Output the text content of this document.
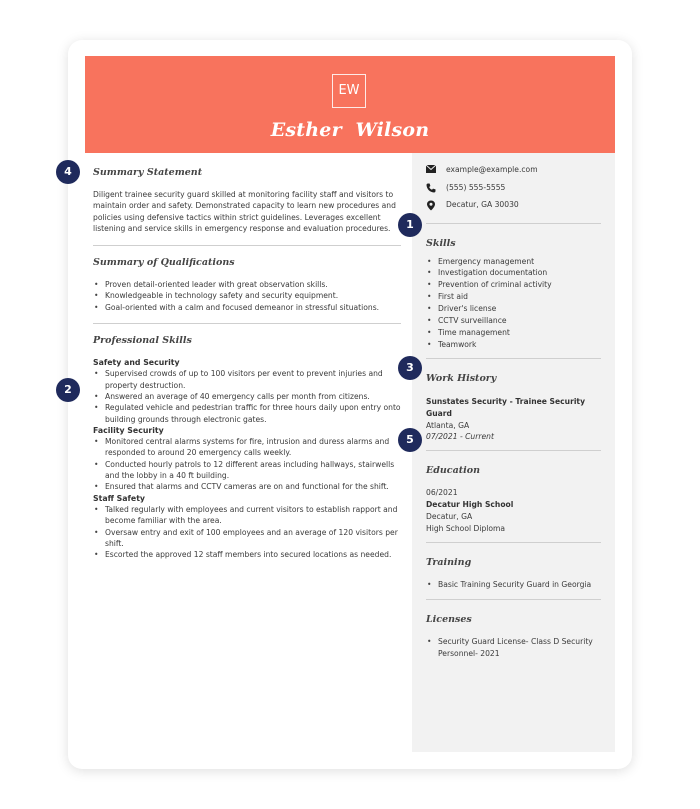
EW
Esther Wilson
example@example.com
(555) 555-5555
Decatur, GA 30030
Skills
• Emergency management
• Investigation documentation
• Prevention of criminal activity
• First aid
• Driver's license
• CCTV surveillance
• Time management
• Teamwork
Work History

Sunstates Security - Trainee Security
Guard

Atlanta, GA

07/2021 - Current

Education

06/2021

Decatur High School

Decatur, GA

High School Diploma

Training
• Basic Training Security Guard in Georgia
Licenses
• Security Guard License- Class D Security Personnel- 2021
Summary Statement

Diligent trainee security guard skilled at monitoring facility staff and visitors to maintain order and safety. Demonstrated capacity to learn new procedures and policies using defensive tactics within strict guidelines. Leverages excellent listening and service skills in emergency response and evaluation procedures.

Summary of Qualifications
• Proven detail-oriented leader with great observation skills.
• Knowledgeable in technology safety and security equipment.
• Goal-oriented with a calm and focused demeanor in stressful situations.
Professional Skills

Safety and Security

• Supervised crowds of up to 100 visitors per event to prevent injuries and property destruction.
• Answered an average of 40 emergency calls per month from citizens.
• Regulated vehicle and pedestrian traffic for three hours daily upon entry onto building grounds through electronic gates.

Facility Security

• Monitored central alarms systems for fire, intrusion and duress alarms and responded to around 20 emergency calls weekly.
• Conducted hourly patrols to 12 different areas including hallways, stairwells and the lobby in a 40 ft building.
• Ensured that alarms and CCTV cameras are on and functional for the shift.

Staff Safety

• Talked regularly with employees and current visitors to establish rapport and become familiar with the area.
• Oversaw entry and exit of 100 employees and an average of 120 visitors per shift.
• Escorted the approved 12 staff members into secured locations as needed.
4
1
2
3
5
